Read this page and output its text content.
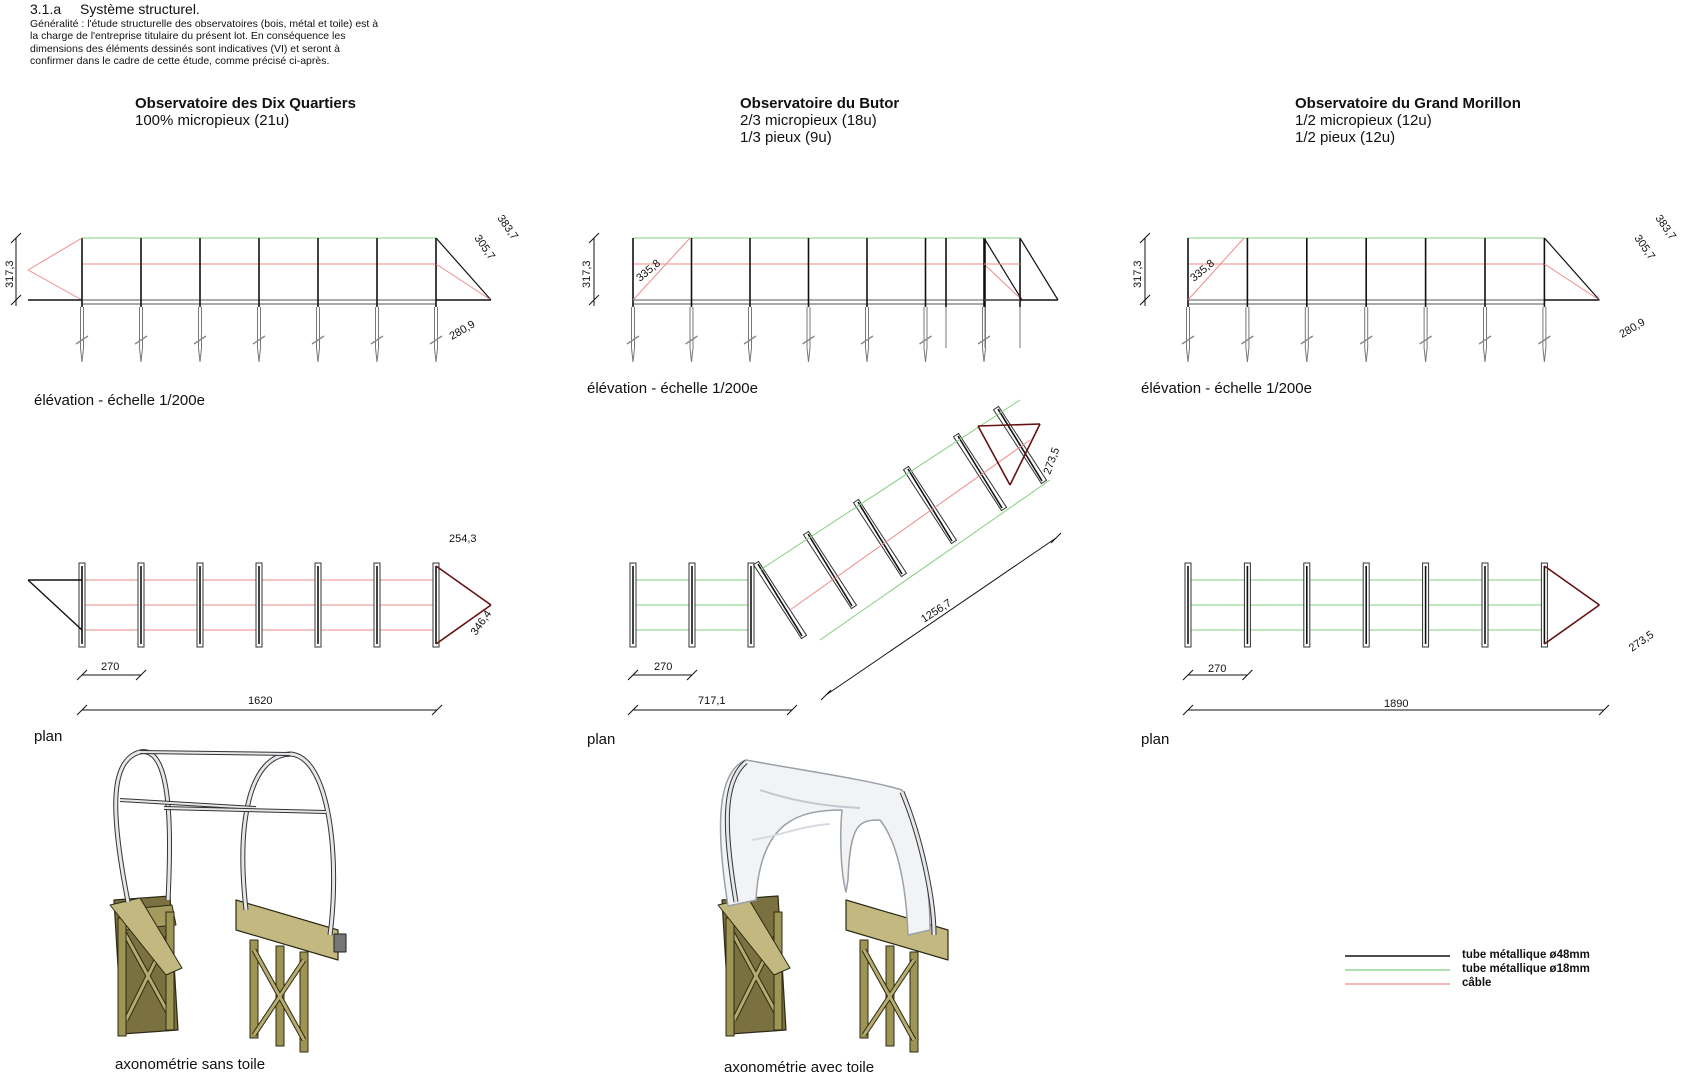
3.1.a Système structurel.
Généralité : l'étude structurelle des observatoires (bois, métal et toile) est à
la charge de l'entreprise titulaire du présent lot. En conséquence les
dimensions des éléments dessinés sont indicatives (VI) et seront à
confirmer dans le cadre de cette étude, comme précisé ci-après.
Observatoire des Dix Quartiers
100% micropieux (21u)
Observatoire du Butor
2/3 micropieux (18u)
1/3 pieux (9u)
Observatoire du Grand Morillon
1/2 micropieux (12u)
1/2 pieux (12u)
élévation - échelle 1/200e
élévation - échelle 1/200e	élévation - échelle 1/200e
plan	plan	plan
axonométrie sans toile	axonométrie avec toile
317,3
383,7
305,7
280,9
317,3	335,8	317,3	335,8
383,7
305,7
280,9
270
1620
254,3
346,4
270
717,1
1256,7
273,5
270
1890
273,5
tube métallique ø48mm
tube métallique ø18mm
câble
